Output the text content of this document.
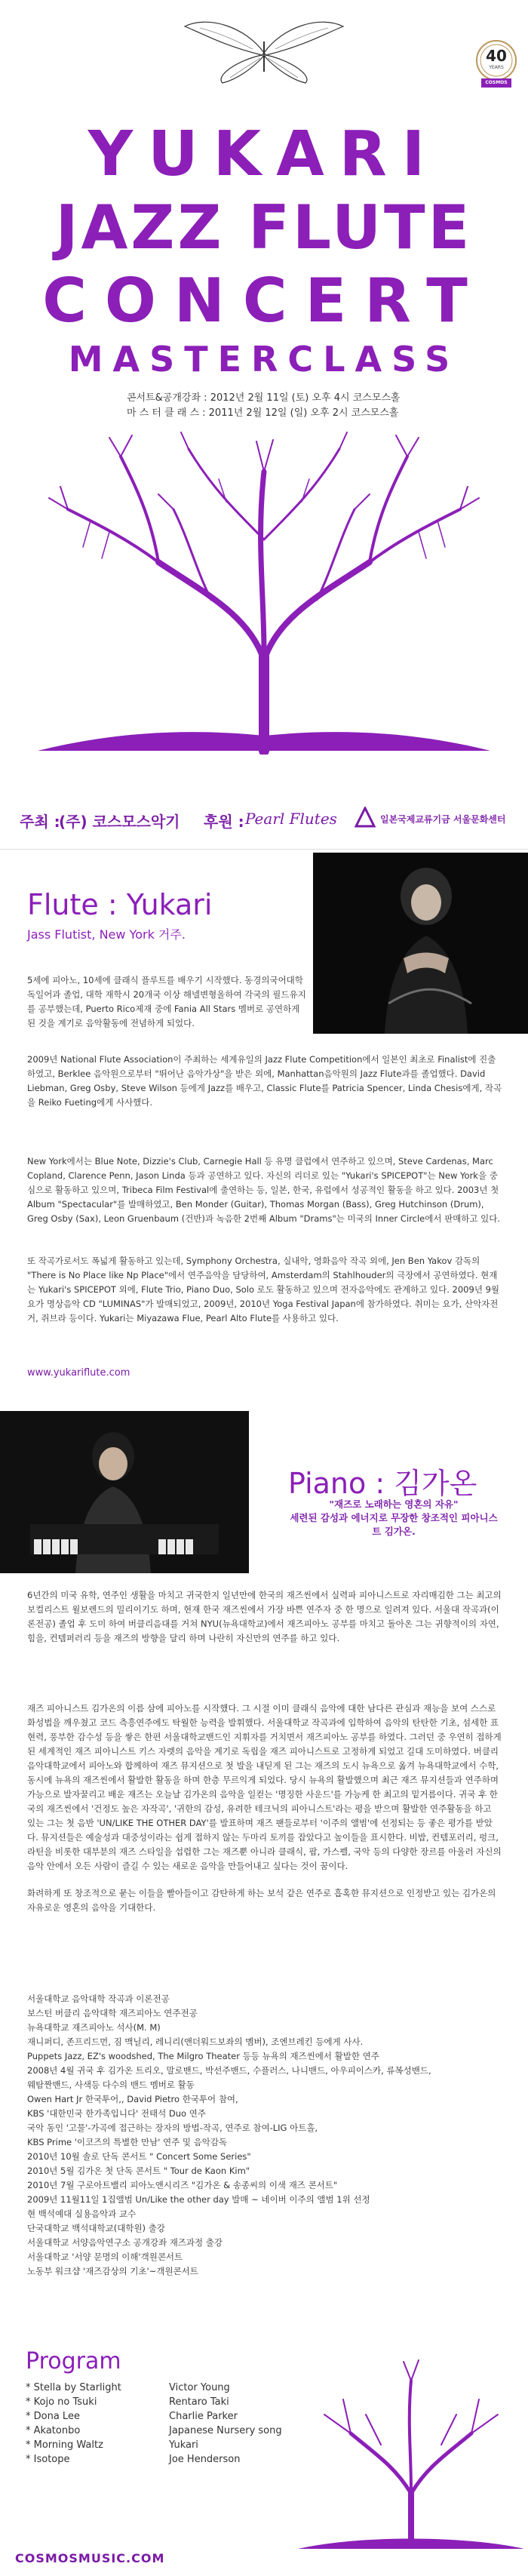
40
YEARS
COSMOS
YUKARI
JAZZ FLUTE
CONCERT
MASTERCLASS
콘서트&공개강좌 : 2012년 2월 11일 (토) 오후 4시 코스모스홀
마 스 터 클 래 스 : 2011년 2월 12일 (일) 오후 2시 코스모스홀
주최 :
(주) 코스모스악기 후원 : Pearl Flutes	일본국제교류기금 서울문화센터
Flute : Yukari
Jass Flutist, New York 거주.
5세에 피아노, 10세에 클래식 플루트를 배우기 시작했다. 동경의국어대학 독일어과 졸업, 대학 재학시 20개국 이상 해넬변형올하여 각국의 필드유지를 공부했는데, Puerto Rico제재 중에 Fania All Stars 멤버로 공연하게 된 것을 계기로 음악활동에 전념하게 되었다.
2009년 National Flute Association이 주최하는 세계유일의 Jazz Flute Competition에서 일본인 최초로 Finalist에 진출하였고, Berklee 음악원으로부터 "뛰어난 음악가상"을 받은 외에, Manhattan음악원의 Jazz Flute과를 졸업했다. David Liebman, Greg Osby, Steve Wilson 등에게 Jazz를 배우고, Classic Flute를 Patricia Spencer, Linda Chesis에게, 작곡을 Reiko Fueting에게 사사했다.
New York에서는 Blue Note, Dizzie's Club, Carnegie Hall 등 유명 클럽에서 연주하고 있으며, Steve Cardenas, Marc Copland, Clarence Penn, Jason Linda 등과 공연하고 있다. 자신의 리더로 있는 "Yukari's SPICEPOT"는 New York을 중심으로 활동하고 있으며, Tribeca Film Festival에 출연하는 등, 일본, 한국, 유럽에서 성공적인 활동을 하고 있다. 2003년 첫 Album "Spectacular"를 발매하였고, Ben Monder (Guitar), Thomas Morgan (Bass), Greg Hutchinson (Drum), Greg Osby (Sax), Leon Gruenbaum (건반)과 녹음한 2번째 Album "Drams"는 미국의 Inner Circle에서 판매하고 있다.
또 작곡가로서도 폭넓게 활동하고 있는데, Symphony Orchestra, 실내악, 영화음악 작곡 외에, Jen Ben Yakov 감독의 "There is No Place like Np Place"에서 연주음악을 담당하여, Amsterdam의 Stahlhouder의 극장에서 공연하였다. 현재는 Yukari's SPICEPOT 외에, Flute Trio, Piano Duo, Solo 로도 활동하고 있으며 전자음악에도 관계하고 있다. 2009년 9월 요가 명상음악 CD "LUMINAS"가 발매되었고, 2009년, 2010년 Yoga Festival Japan에 참가하였다. 취미는 요가, 산악자전거, 쥐브라 등이다. Yukari는 Miyazawa Flue, Pearl Alto Flute를 사용하고 있다.
www.yukariflute.com
Piano : 김가온
"재즈로 노래하는 영혼의 자유"
세련된 감성과 에너지로 무장한 창조적인 피아니스트 김가온.
6년간의 미국 유학, 연주인 생활을 마치고 귀국한지 일년만에 한국의 재즈씬에서 실력파 피아니스트로 자리매김한 그는 최고의 보컬리스트 윌보렌드의 밀리이기도 하며, 현재 한국 재즈씬에서 가장 바쁜 연주자 중 한 명으로 일려져 있다. 서울대 작곡과(이론전공) 졸업 후 도미 하여 버클리음대를 거쳐 NYU(뉴욕대학교)에서 재즈피아노 공부를 마치고 돌아온 그는 귀향적이의 자연, 힘을, 컨템퍼러리 등을 재즈의 방향을 달리 하며 나란히 자신만의 연주를 하고 있다.
재즈 피아니스트 김가온의 이름 삼에 피아노를 시작했다. 그 시절 이미 클래식 음악에 대한 남다른 관심과 재능을 보여 스스로 화성법을 깨우쳤고 코드 측흥연주에도 탁월한 능력을 발휘했다. 서울대학교 작곡과에 입학하여 음악의 탄탄한 기초, 섬세한 표현력, 풍부한 감수성 등을 쌓은 한편 서울대학교밴드인 지휘자를 거치면서 재즈피아노 공부를 하였다. 그러던 중 우연히 접하게 된 세계적인 재즈 피아니스트 키스 자렛의 음악을 계기로 독립을 재즈 피아니스트로 고정하게 되었고 길대 도미하였다. 버클리음악대학교에서 피아노와 합께하여 재즈 뮤지션으로 첫 발을 내딛게 된 그는 재즈의 도시 뉴욕으로 옮겨 뉴욕대학교에서 수학, 동시에 뉴욕의 재즈씬에서 활발한 활동을 하며 한층 무르익게 되었다. 당시 뉴욕의 활발했으며 최근 재즈 뮤지션들과 연주하며 가능으로 발자꿀리고 배운 재즈는 오늘날 김가온의 음악을 일컫는 '명징한 사운드'를 가능케 한 최고의 밑거름이다. 귀국 후 한국의 재즈씬에서 '건정도 높은 자작곡', '귀한의 감성, 유려한 테크닉의 피아니스트'라는 평을 받으며 활발한 연주활동을 하고 있는 그는 첫 음반 'UN/LIKE THE OTHER DAY'를 발표하며 재즈 팬들로부터 '이주의 앨범'에 선정되는 등 좋은 평가를 받았다. 뮤지션들은 예술성과 대중성이라는 쉽게 접하지 않는 두마리 토끼를 잡았다고 높이들을 표시한다. 비밥, 컨템포러리, 펑크, 라틴을 비롯한 대부분의 재즈 스타일을 섭렵한 그는 재즈뿐 아니라 클래식, 팝, 가스펠, 국악 등의 다양한 장르를 아울러 자신의 음악 안에서 오든 사람이 즐길 수 있는 새로운 음악을 만들어내고 싶다는 것이 꿈이다.
화려하게 또 창조적으로 묻는 이들을 빨아들이고 감탄하게 하는 보석 같은 연주로 흡혹한 뮤지션으로 인정받고 있는 김가온의 자유로운 영혼의 음악을 기대한다.
서울대학교 음악대학 작곡과 이론전공
보스턴 버클리 음악대학 재즈피아노 연주전공
뉴욕대학교 재즈피아노 석사(M. M)
재니퍼디, 존프리드먼, 짐 맥닐리, 레니리(앤더워드보좌의 멤버), 조엔브레킨 등에게 사사.
Puppets Jazz, EZ's woodshed, The Milgro Theater 등등 뉴욕의 재즈씬에서 활발한 연주
2008년 4월 귀국 후 김가온 트리오, 말로밴드, 박선주밴드, 수플러스, 나니밴드, 아우피이스카, 류복성밴드,
웨탐짠밴드, 사색등 다수의 밴드 멤버로 활동
Owen Hart Jr 한국투어,, David Pietro 한국투어 참여,
KBS '대한민국 한가족입니다' 전태석 Duo 연주
국악 동인 '고물'-가곡에 접근하는 장자의 방법-작곡, 연주로 참여-LIG 아트홀,
KBS Prime '이코즈의 특별한 만남' 연주 및 음악감독
2010년 10월 솔로 단독 콘서트 " Concert Some Series"
2010년 5월 김가온 첫 단독 콘서트 " Tour de Kaon Kim"
2010년 7월 구로아트밸리 피아노앤시리즈 "김가온 & 송종씨의 이색 재즈 콘서트"
2009년 11월11일 1집앨범 Un/Like the other day 발매 ~ 네이버 이주의 앨범 1위 선정
현 백석예대 실용음악과 교수
단국대학교 백석대학교(대학원) 출강
서울대학교 서양음악연구소 공개강좌 재즈과정 출강
서울대학교 '서양 문명의 이해'객원콘서트
노동부 워크샵 '재즈감상의 기초'~객원콘서트
Program
* Stella by Starlight	Victor Young
* Kojo no Tsuki	Rentaro Taki
* Dona Lee	Charlie Parker
* Akatonbo	Japanese Nursery song
* Morning Waltz	Yukari
* Isotope	Joe Henderson
COSMOSMUSIC.COM
